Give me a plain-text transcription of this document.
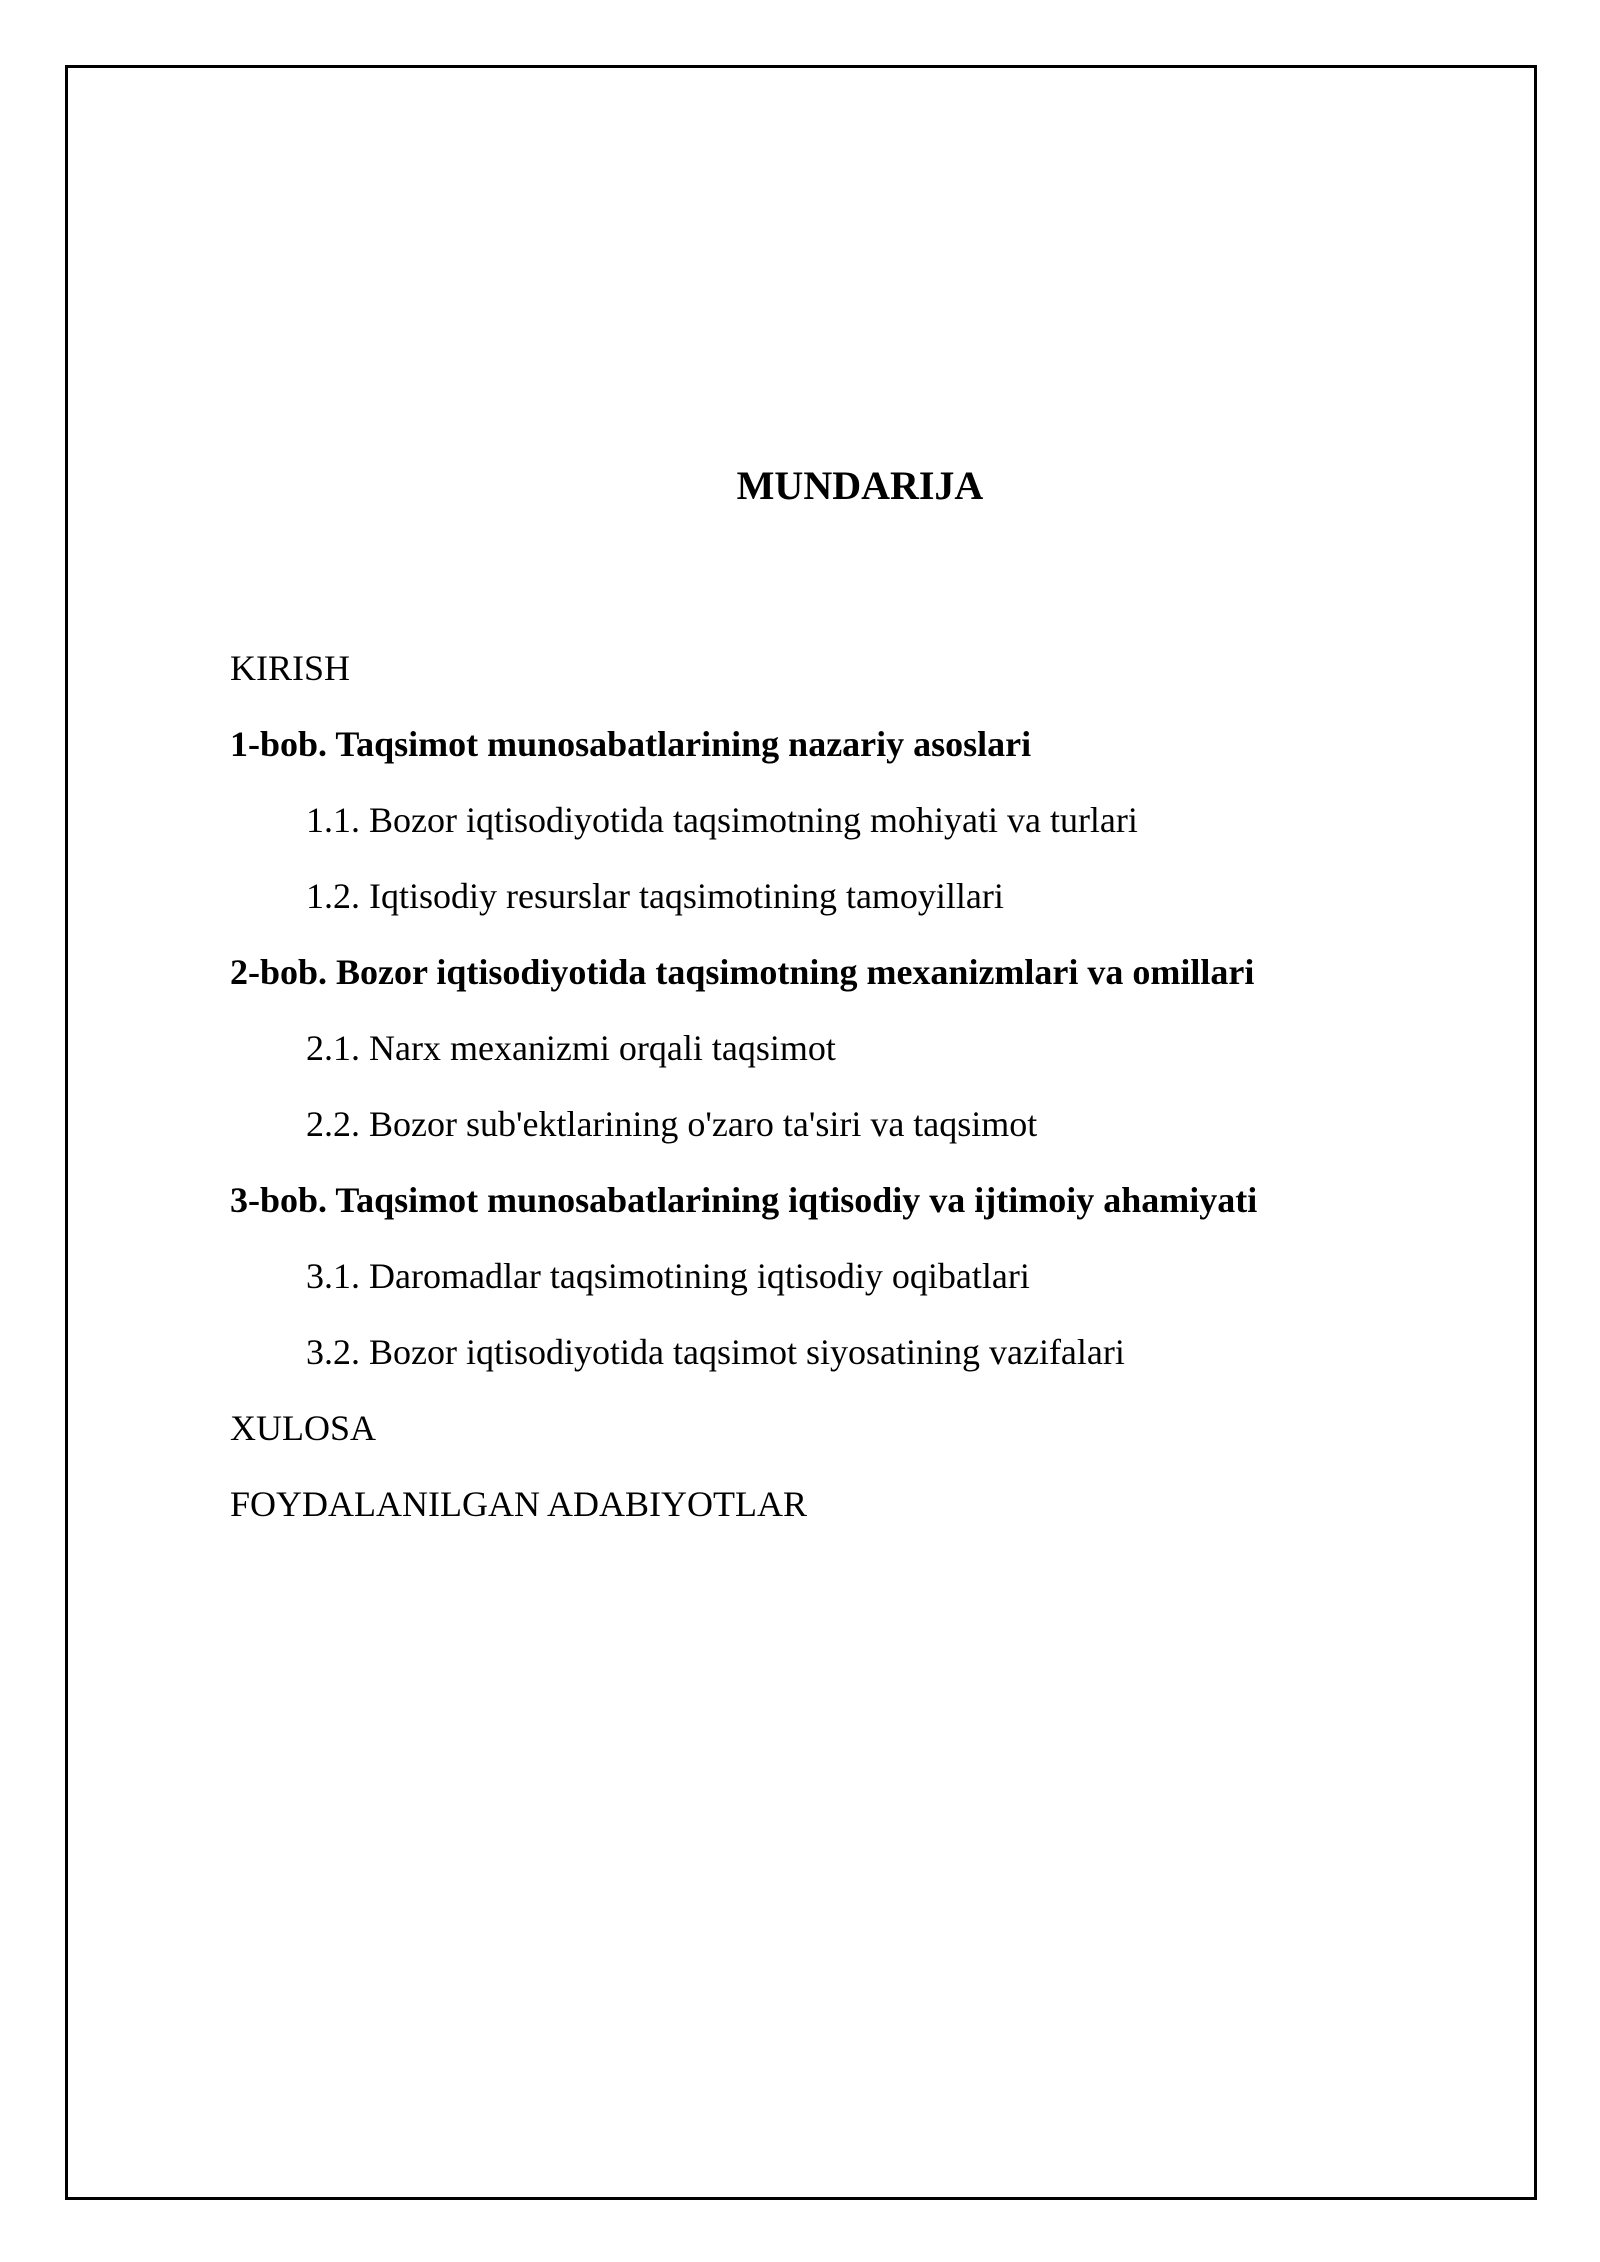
MUNDARIJA
KIRISH
1-bob. Taqsimot munosabatlarining nazariy asoslari
1.1. Bozor iqtisodiyotida taqsimotning mohiyati va turlari
1.2. Iqtisodiy resurslar taqsimotining tamoyillari
2-bob. Bozor iqtisodiyotida taqsimotning mexanizmlari va omillari
2.1. Narx mexanizmi orqali taqsimot
2.2. Bozor sub'ektlarining o'zaro ta'siri va taqsimot
3-bob. Taqsimot munosabatlarining iqtisodiy va ijtimoiy ahamiyati
3.1. Daromadlar taqsimotining iqtisodiy oqibatlari
3.2. Bozor iqtisodiyotida taqsimot siyosatining vazifalari
XULOSA
FOYDALANILGAN ADABIYOTLAR
